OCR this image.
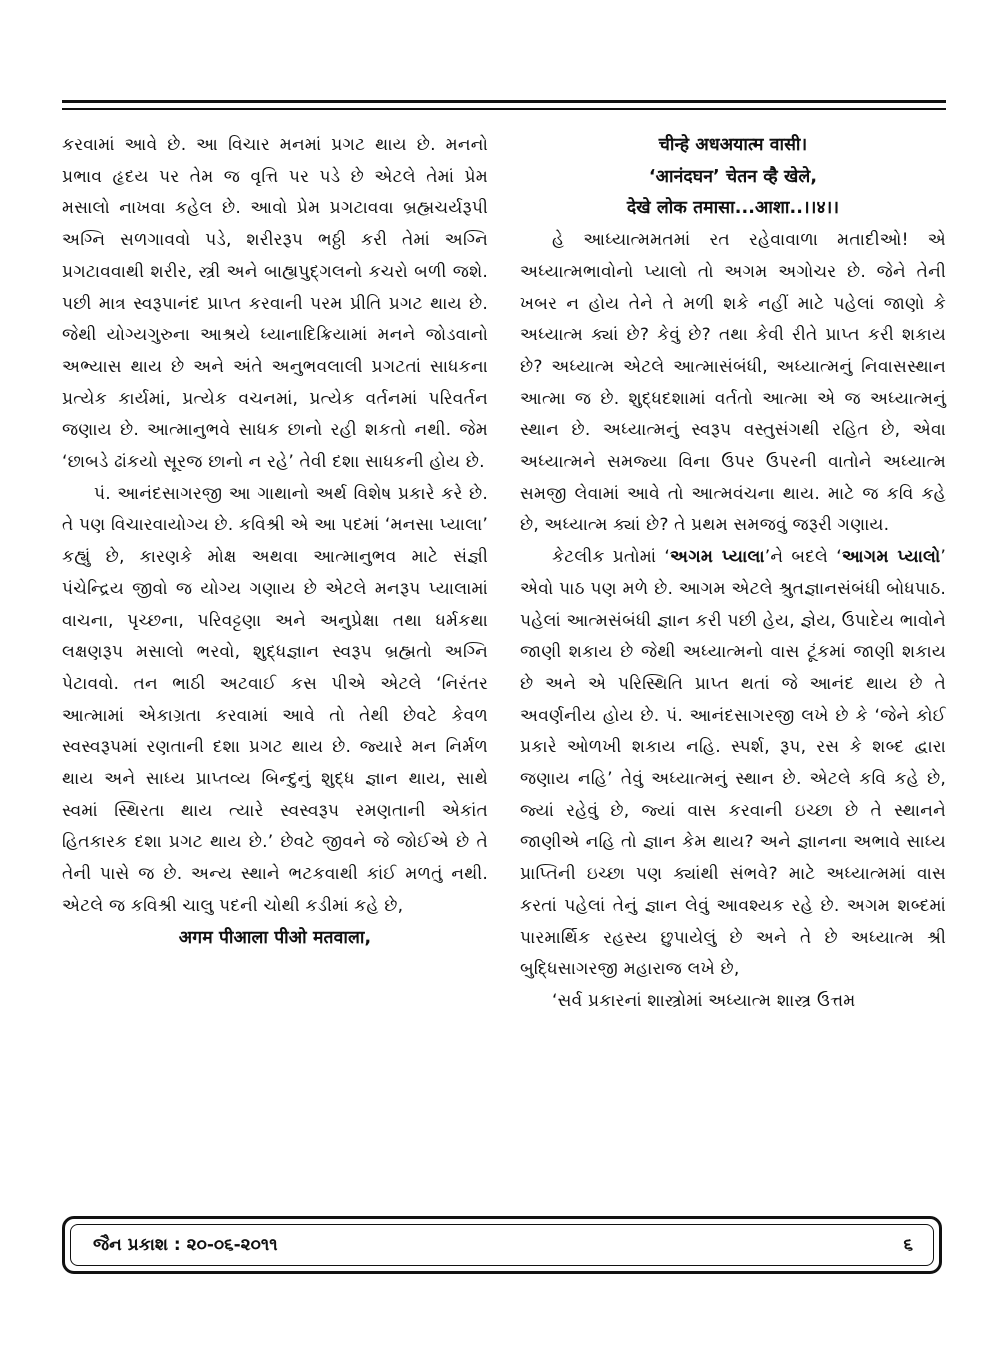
કરવામાં આવે છે. આ વિચાર મનમાં પ્રગટ થાય છે. મનનો પ્રભાવ હૃદય પર તેમ જ વૃત્તિ પર પડે છે એટલે તેમાં પ્રેમ મસાલો નાખવા કહેલ છે. આવો પ્રેમ પ્રગટાવવા બ્રહ્મચર્યરૂપી અગ્નિ સળગાવવો પડે, શરીરરૂપ ભઠ્ઠી કરી તેમાં અગ્નિ પ્રગટાવવાથી શરીર, સ્ત્રી અને બાહ્યપુદ્ગલનો કચરો બળી જશે. પછી માત્ર સ્વરૂપાનંદ પ્રાપ્ત કરવાની પરમ પ્રીતિ પ્રગટ થાય છે. જેથી યોગ્યગુરુના આશ્રયે ધ્યાનાદિક્રિયામાં મનને જોડવાનો અભ્યાસ થાય છે અને અંતે અનુભવલાલી પ્રગટતાં સાધકના પ્રત્યેક કાર્યમાં, પ્રત્યેક વચનમાં, પ્રત્યેક વર્તનમાં પરિવર્તન જણાય છે. આત્માનુભવે સાધક છાનો રહી શકતો નથી. જેમ ‘છાબડે ઢાંકયો સૂરજ છાનો ન રહે’ તેવી દશા સાધકની હોય છે.

પં. આનંદસાગરજી આ ગાથાનો અર્થ વિશેષ પ્રકારે કરે છે. તે પણ વિચારવાયોગ્ય છે. કવિશ્રી એ આ પદમાં ‘મનસા પ્યાલા’ કહ્યું છે, કારણકે મોક્ષ અથવા આત્માનુભવ માટે સંજ્ઞી પંચેન્દ્રિય જીવો જ યોગ્ય ગણાય છે એટલે મનરૂપ પ્યાલામાં વાચના, પૃચ્છના, પરિવટ્ટણા અને અનુપ્રેક્ષા તથા ધર્મકથા લક્ષણરૂપ મસાલો ભરવો, શુદ્ધજ્ઞાન સ્વરૂપ બ્રહ્મતો અગ્નિ પેટાવવો. તન ભાઠી અટવાઈ કસ પીએ એટલે ‘નિરંતર આત્મામાં એકાગ્રતા કરવામાં આવે તો તેથી છેવટે કેવળ સ્વસ્વરૂપમાં રણતાની દશા પ્રગટ થાય છે. જ્યારે મન નિર્મળ થાય અને સાધ્ય પ્રાપ્તવ્ય બિન્દુનું શુદ્ધ જ્ઞાન થાય, સાથે સ્વમાં સ્થિરતા થાય ત્યારે સ્વસ્વરૂપ રમણતાની એકાંત હિતકારક દશા પ્રગટ થાય છે.’ છેવટે જીવને જે જોઈએ છે તે તેની પાસે જ છે. અન્ય સ્થાને ભટકવાથી કાંઈ મળતું નથી. એટલે જ કવિશ્રી ચાલુ પદની ચોથી કડીમાં કહે છે,

अगम पीआला पीओ मतवाला,

चीन्हे अधअयात्म वासी।
‘आनंदघन’ चेतन व्है खेले,
देखे लोक तमासा...आशा..।।४।।

હે આધ્યાત્મમતમાં રત રહેવાવાળા મતાદીઓ! એ અધ્યાત્મભાવોનો પ્યાલો તો અગમ અગોચર છે. જેને તેની ખબર ન હોય તેને તે મળી શકે નહીં માટે પહેલાં જાણો કે અધ્યાત્મ ક્યાં છે? કેવું છે? તથા કેવી રીતે પ્રાપ્ત કરી શકાય છે? અધ્યાત્મ એટલે આત્માસંબંધી, અધ્યાત્મનું નિવાસસ્થાન આત્મા જ છે. શુદ્ધદશામાં વર્તતો આત્મા એ જ અધ્યાત્મનું સ્થાન છે. અધ્યાત્મનું સ્વરૂપ વસ્તુસંગથી રહિત છે, એવા અધ્યાત્મને સમજ્યા વિના ઉપર ઉપરની વાતોને અધ્યાત્મ સમજી લેવામાં આવે તો આત્મવંચના થાય. માટે જ કવિ કહે છે, અધ્યાત્મ ક્યાં છે? તે પ્રથમ સમજવું જરૂરી ગણાય.

કેટલીક પ્રતોમાં ‘અગમ પ્યાલા’ને બદલે ‘આગમ પ્યાલો’ એવો પાઠ પણ મળે છે. આગમ એટલે શ્રુતજ્ઞાનસંબંધી બોધપાઠ. પહેલાં આત્મસંબંધી જ્ઞાન કરી પછી હેય, જ્ઞેય, ઉપાદેય ભાવોને જાણી શકાય છે જેથી અધ્યાત્મનો વાસ ટૂંકમાં જાણી શકાય છે અને એ પરિસ્થિતિ પ્રાપ્ત થતાં જે આનંદ થાય છે તે અવર્ણનીય હોય છે. પં. આનંદસાગરજી લખે છે કે ‘જેને કોઈ પ્રકારે ઓળખી શકાય નહિ. સ્પર્શ, રૂપ, રસ કે શબ્દ દ્વારા જણાય નહિ’ તેવું અધ્યાત્મનું સ્થાન છે. એટલે કવિ કહે છે, જ્યાં રહેવું છે, જ્યાં વાસ કરવાની ઇચ્છા છે તે સ્થાનને જાણીએ નહિ તો જ્ઞાન કેમ થાય? અને જ્ઞાનના અભાવે સાધ્ય પ્રાપ્તિની ઇચ્છા પણ ક્યાંથી સંભવે? માટે અધ્યાત્મમાં વાસ કરતાં પહેલાં તેનું જ્ઞાન લેવું આવશ્યક રહે છે. અગમ શબ્દમાં પારમાર્થિક રહસ્ય છુપાયેલું છે અને તે છે અધ્યાત્મ શ્રી બુદ્ધિસાગરજી મહારાજ લખે છે,

‘સર્વ પ્રકારનાં શાસ્ત્રોમાં અધ્યાત્મ શાસ્ત્ર ઉત્તમ

જૈન પ્રકાશ : ૨૦-૦૬-૨૦૧૧	૬
